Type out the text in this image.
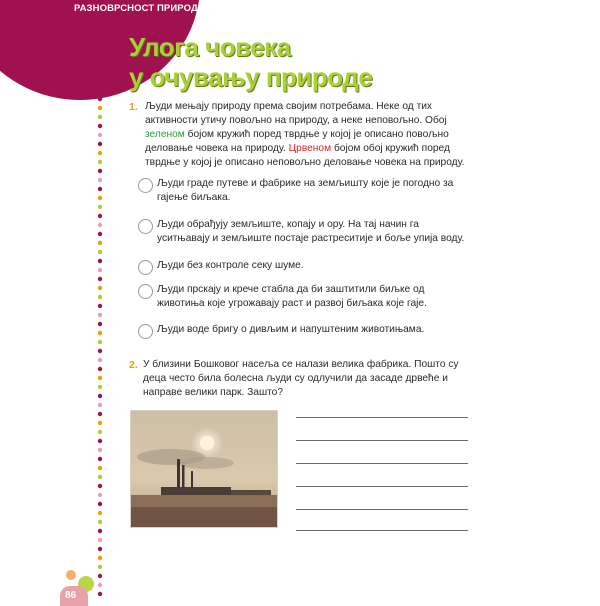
РАЗНОВРСНОСТ ПРИРОДЕ
Улога човека
у очувању природе
1. Људи мењају природу према својим потребама. Неке од тих
активности утичу повољно на природу, а неке неповољно. Обој
зеленом бојом кружић поред тврдње у којој је описано повољно
деловање човека на природу. Црвеном бојом обој кружић поред
тврдње у којој је описано неповољно деловање човека на природу.
Људи граде путеве и фабрике на земљишту које је погодно за
гајење биљака.
Људи обрађују земљиште, копају и ору. На тај начин га
уситњавају и земљиште постаје растреситије и боље упија воду.
Људи без контроле секу шуме.
Људи прскају и крече стабла да би заштитили биљке од
животиња које угрожавају раст и развој биљака које гаје.
Људи воде бригу о дивљим и напуштеним животињама.
2. У близини Бошковог насеља се налази велика фабрика. Пошто су
деца често била болесна људи су одлучили да засаде дрвеће и
направе велики парк. Зашто?
86
